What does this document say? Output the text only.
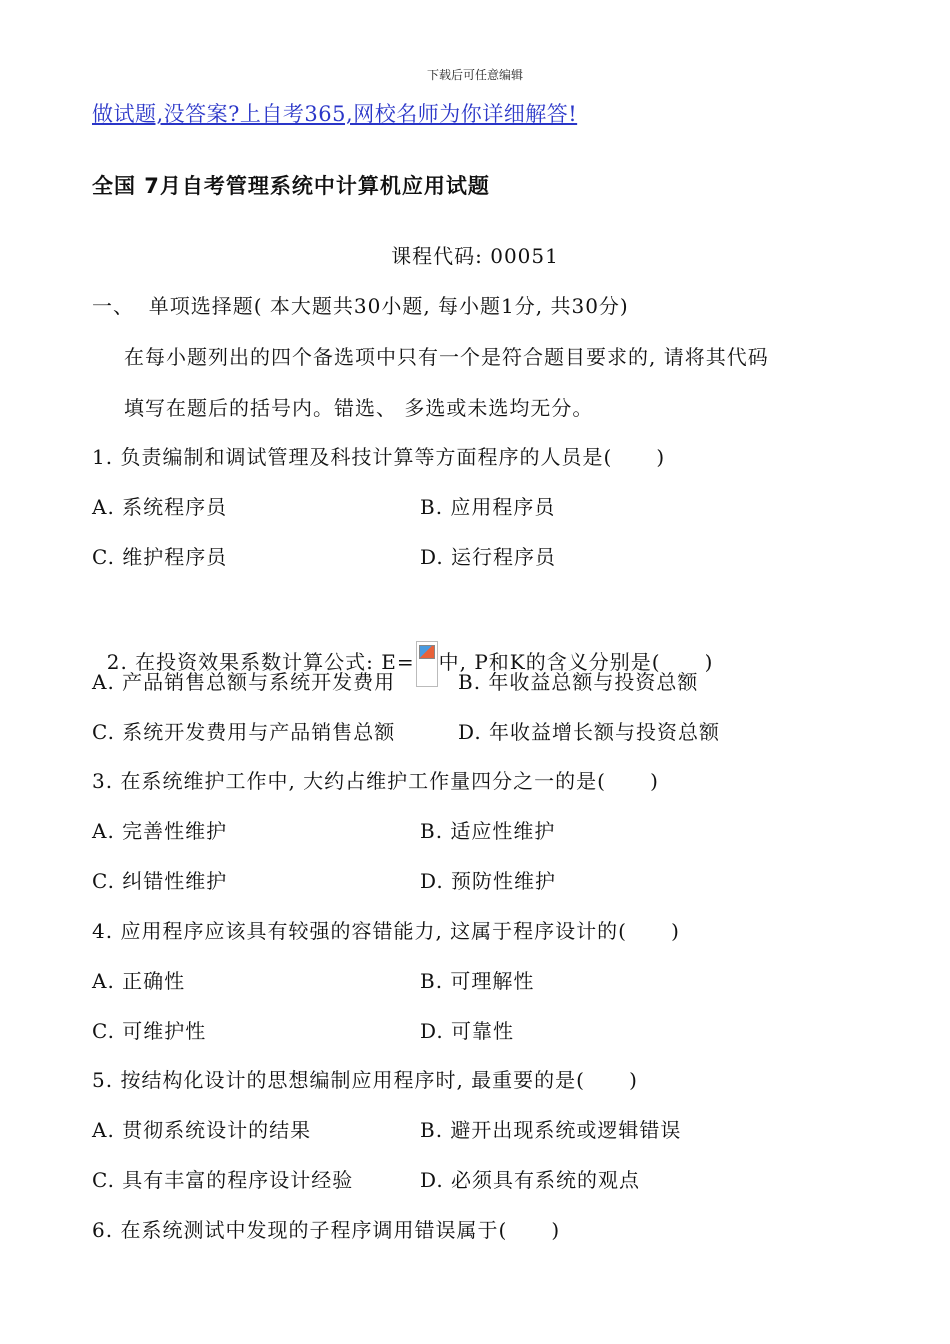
下载后可任意编辑
做试题,没答案?上自考365,网校名师为你详细解答!
全国 7月自考管理系统中计算机应用试题
课程代码: 00051
一、  单项选择题( 本大题共30小题, 每小题1分, 共30分)
在每小题列出的四个备选项中只有一个是符合题目要求的, 请将其代码
填写在题后的括号内。错选、 多选或未选均无分。
1. 负责编制和调试管理及科技计算等方面程序的人员是(      )
A. 系统程序员	B. 应用程序员
C. 维护程序员	D. 运行程序员

2. 在投资效果系数计算公式: E= 中, P和K的含义分别是(      )

A. 产品销售总额与系统开发费用	B. 年收益总额与投资总额
C. 系统开发费用与产品销售总额	D. 年收益增长额与投资总额
3. 在系统维护工作中, 大约占维护工作量四分之一的是(      )
A. 完善性维护	B. 适应性维护
C. 纠错性维护	D. 预防性维护
4. 应用程序应该具有较强的容错能力, 这属于程序设计的(      )
A. 正确性	B. 可理解性
C. 可维护性	D. 可靠性
5. 按结构化设计的思想编制应用程序时, 最重要的是(      )
A. 贯彻系统设计的结果	B. 避开出现系统或逻辑错误
C. 具有丰富的程序设计经验	D. 必须具有系统的观点
6. 在系统测试中发现的子程序调用错误属于(      )
